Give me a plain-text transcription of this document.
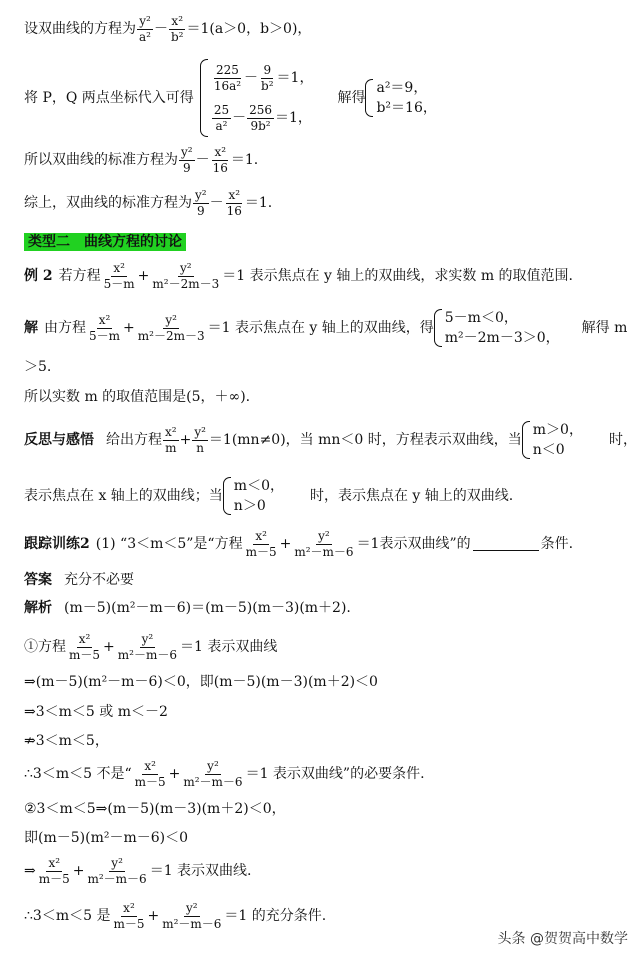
设双曲线的方程为 $\frac{\text{y²}}{\text{a²}} - \frac{\text{x²}}{\text{b²}} =1(a>0$，b＞0)，
将 P，Q 两点坐标代入可得
$\frac{225}{\text{16a²}} - \frac{9}{\text{b²}} =1$，
$\frac{25}{\text{a²}} - \frac{256}{\text{9b²}} =1$，
解得
a²＝9，
b²＝16，
所以双曲线的标准方程为 $\frac{\text{y²}}{9} - \frac{\text{x²}}{16} =1$.
综上，双曲线的标准方程为 $\frac{\text{y²}}{9} - \frac{\text{x²}}{16} =1$.
类型二　曲线方程的讨论
例 2 若方程 $\frac{\text{x²}}{5-m} + \frac{\text{y²}}{\text{m²－2m－3}} =1$ 表示焦点在 y 轴上的双曲线，求实数 m 的取值范围.
解 由方程 $\frac{\text{x²}}{5-m} + \frac{\text{y²}}{\text{m²－2m－3}} =1$ 表示焦点在 y 轴上的双曲线，得
5－m＜0，
m²－2m－3＞0，
解得 m
＞5.
所以实数 m 的取值范围是(5，＋∞).
反思与感悟 给出方程 $\frac{\text{x²}}{m} + \frac{\text{y²}}{n} =1(mn\ne 0)$，当 mn＜0 时，方程表示双曲线，当
m＞0，
n＜0
时，
表示焦点在 x 轴上的双曲线；当
m＜0，
n＞0
时，表示焦点在 y 轴上的双曲线.
跟踪训练2 (1) “3＜m＜5”是“方程 $\frac{\text{x²}}{m-5} + \frac{\text{y²}}{\text{m²－m－6}} =1$表示双曲线”的	条件.
答案 充分不必要
解析 (m－5)(m²－m－6)＝(m－5)(m－3)(m＋2).
①方程 $\frac{\text{x²}}{m-5} + \frac{\text{y²}}{\text{m²－m－6}} =1$ 表示双曲线
⇒(m－5)(m²－m－6)＜0，即(m－5)(m－3)(m＋2)＜0
⇒3＜m＜5 或 m＜－2
⇏3＜m＜5，
∴3＜m＜5 不是“ $\frac{\text{x²}}{m-5} + \frac{\text{y²}}{\text{m²－m－6}} =1$ 表示双曲线”的必要条件.
②3＜m＜5⇒(m－5)(m－3)(m＋2)＜0，
即(m－5)(m²－m－6)＜0
⇒ $\frac{\text{x²}}{m-5} + \frac{\text{y²}}{\text{m²－m－6}} =1$ 表示双曲线.
∴3＜m＜5 是 $\frac{\text{x²}}{m-5} + \frac{\text{y²}}{\text{m²－m－6}} =1$ 的充分条件.
头条 @贺贺高中数学
